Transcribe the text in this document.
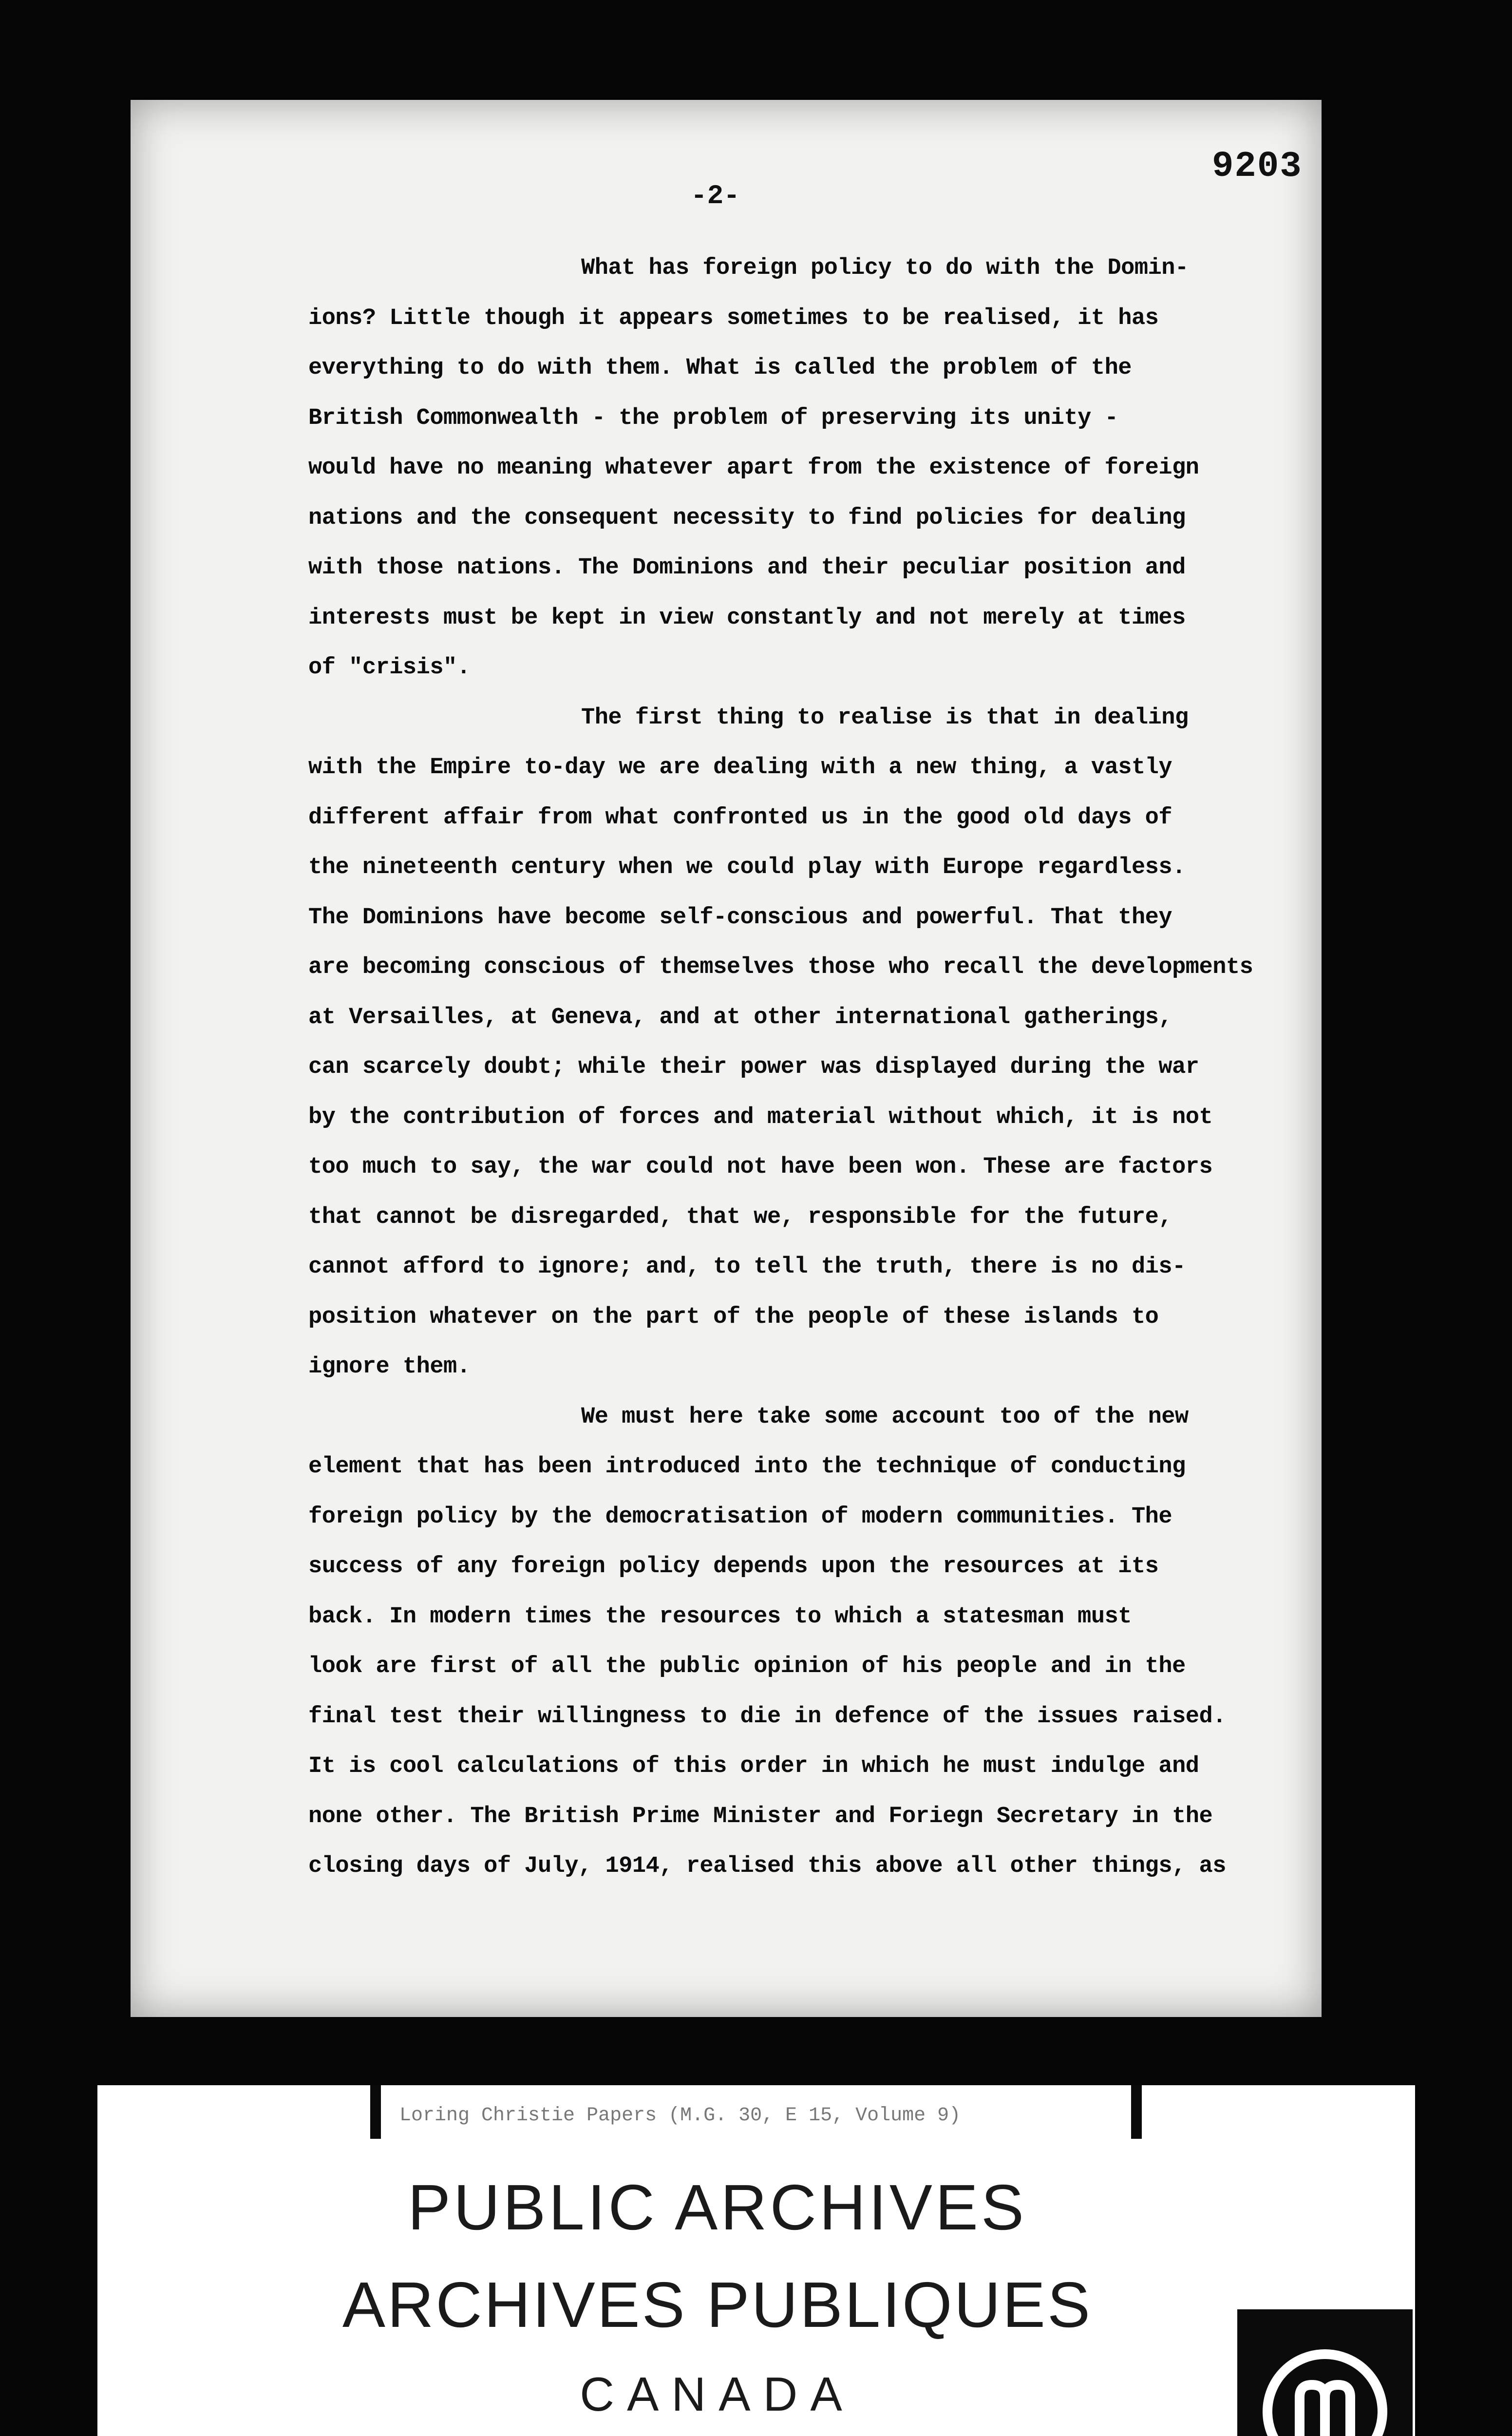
9203
-2-
What has foreign policy to do with the Domin-
ions? Little though it appears sometimes to be realised, it has
everything to do with them. What is called the problem of the
British Commonwealth - the problem of preserving its unity -
would have no meaning whatever apart from the existence of foreign
nations and the consequent necessity to find policies for dealing
with those nations. The Dominions and their peculiar position and
interests must be kept in view constantly and not merely at times
of "crisis".
The first thing to realise is that in dealing
with the Empire to-day we are dealing with a new thing, a vastly
different affair from what confronted us in the good old days of
the nineteenth century when we could play with Europe regardless.
The Dominions have become self-conscious and powerful. That they
are becoming conscious of themselves those who recall the developments
at Versailles, at Geneva, and at other international gatherings,
can scarcely doubt; while their power was displayed during the war
by the contribution of forces and material without which, it is not
too much to say, the war could not have been won. These are factors
that cannot be disregarded, that we, responsible for the future,
cannot afford to ignore; and, to tell the truth, there is no dis-
position whatever on the part of the people of these islands to
ignore them.
We must here take some account too of the new
element that has been introduced into the technique of conducting
foreign policy by the democratisation of modern communities. The
success of any foreign policy depends upon the resources at its
back. In modern times the resources to which a statesman must
look are first of all the public opinion of his people and in the
final test their willingness to die in defence of the issues raised.
It is cool calculations of this order in which he must indulge and
none other. The British Prime Minister and Foriegn Secretary in the
closing days of July, 1914, realised this above all other things, as
Loring Christie Papers (M.G. 30, E 15, Volume 9)
PUBLIC ARCHIVES
ARCHIVES PUBLIQUES
CANADA
